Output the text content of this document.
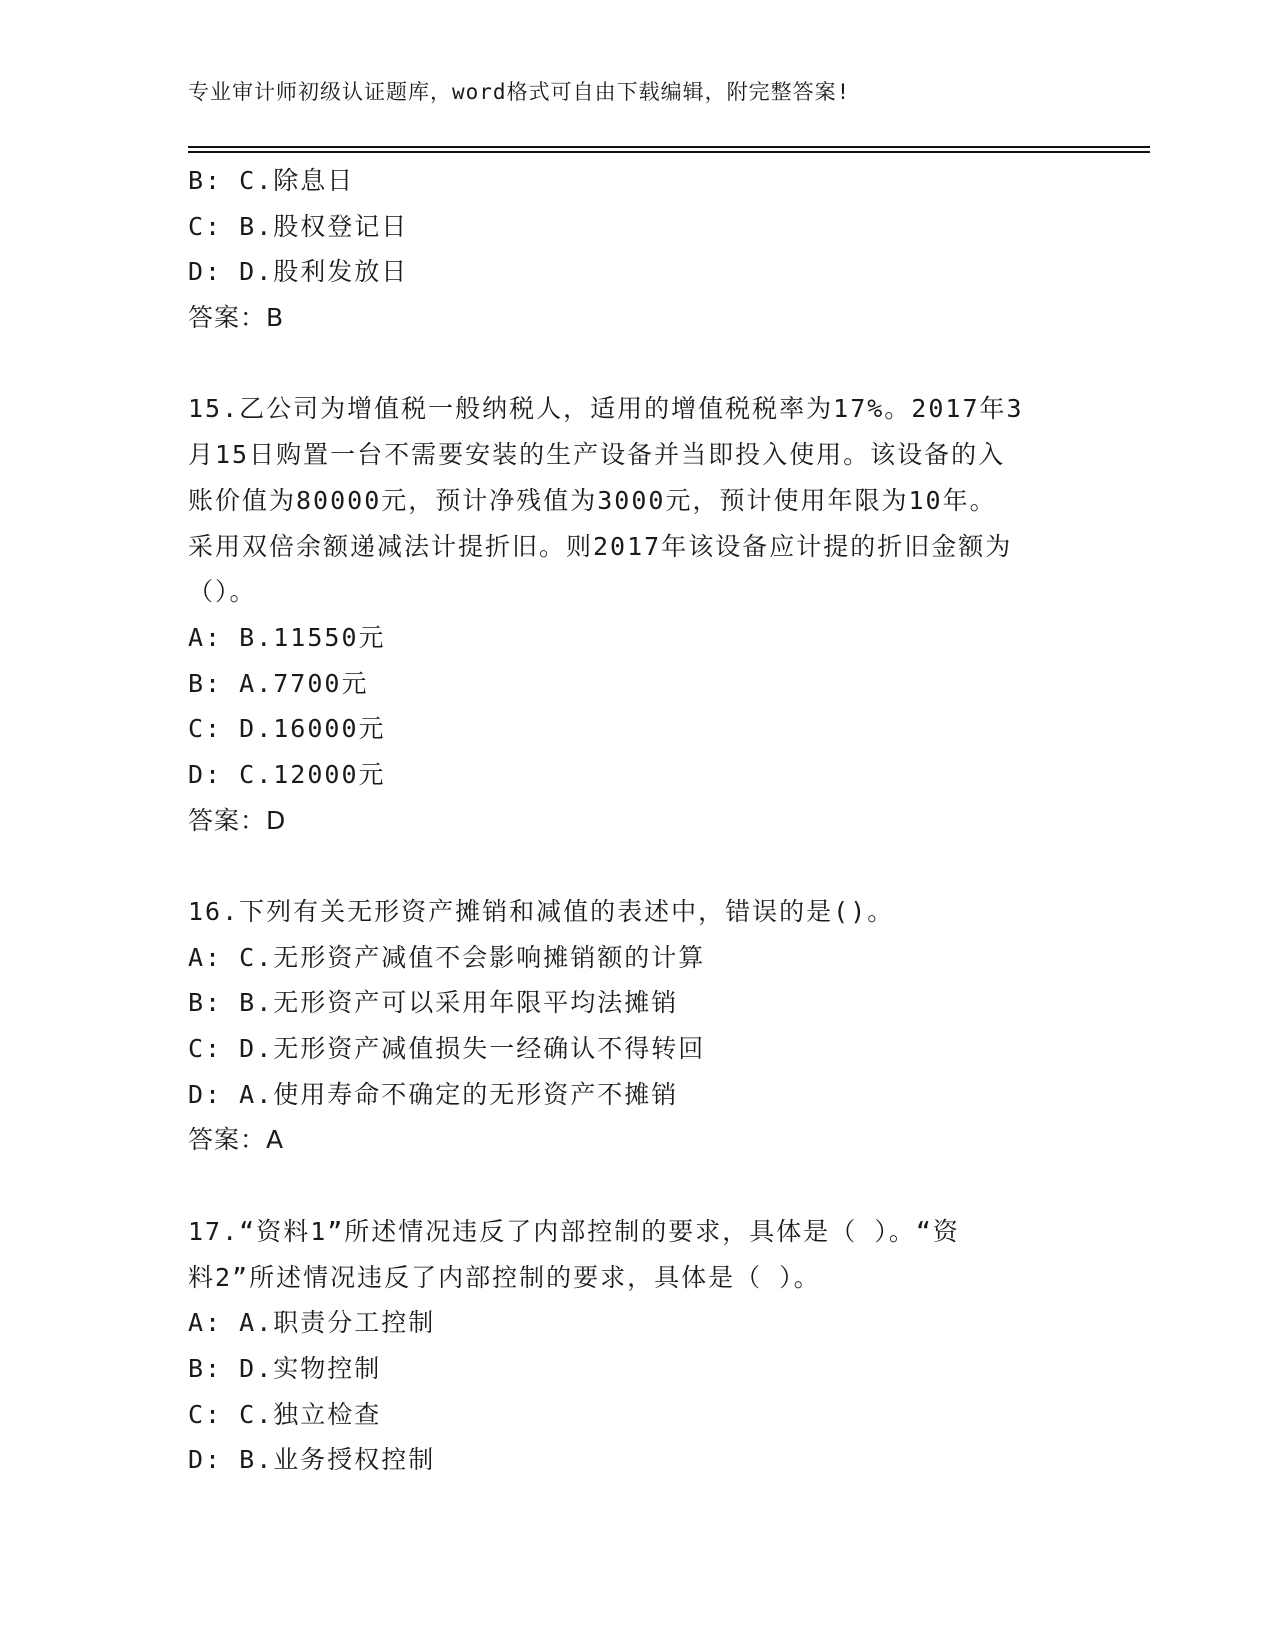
专业审计师初级认证题库，word格式可自由下载编辑，附完整答案!
B: C.除息日
C: B.股权登记日
D: D.股利发放日
答案：B
15.乙公司为增值税一般纳税人，适用的增值税税率为17%。2017年3
月15日购置一台不需要安装的生产设备并当即投入使用。该设备的入
账价值为80000元，预计净残值为3000元，预计使用年限为10年。
采用双倍余额递减法计提折旧。则2017年该设备应计提的折旧金额为
（）。
A: B.11550元
B: A.7700元
C: D.16000元
D: C.12000元
答案：D
16.下列有关无形资产摊销和减值的表述中，错误的是()。
A: C.无形资产减值不会影响摊销额的计算
B: B.无形资产可以采用年限平均法摊销
C: D.无形资产减值损失一经确认不得转回
D: A.使用寿命不确定的无形资产不摊销
答案：A
17.“资料1”所述情况违反了内部控制的要求，具体是（ ）。“资
料2”所述情况违反了内部控制的要求，具体是（ ）。
A: A.职责分工控制
B: D.实物控制
C: C.独立检查
D: B.业务授权控制
